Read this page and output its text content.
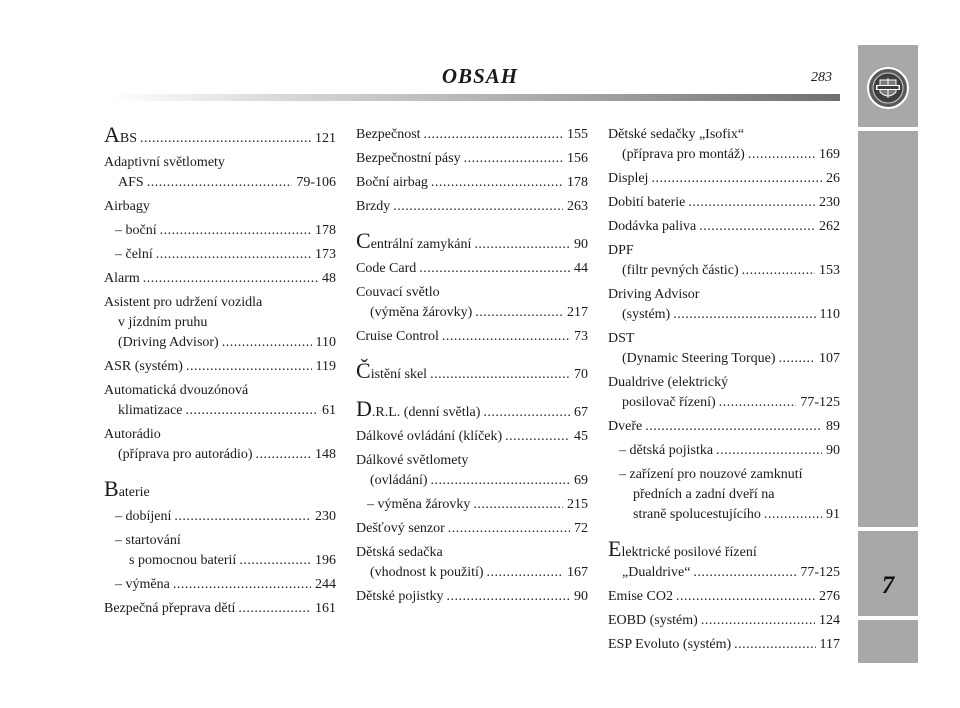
OBSAH	283
7
A BS .....	121
Adaptivní světlomety
AFS .....	79-106
Airbagy
– boční .....	178
– čelní .....	173
Alarm .....	48
Asistent pro udržení vozidla
v jízdním pruhu
(Driving Advisor) .....	110
ASR (systém) .....	119
Automatická dvouzónová
klimatizace .....	61
Autorádio
(příprava pro autorádio) .....	148
B aterie
– dobíjení .....	230
– startování
s pomocnou baterií .....	196
– výměna .....	244
Bezpečná přeprava dětí .....	161
Bezpečnost .....	155
Bezpečnostní pásy .....	156
Boční airbag .....	178
Brzdy .....	263
C entrální zamykání .....	90
Code Card .....	44
Couvací světlo
(výměna žárovky) .....	217
Cruise Control .....	73
Č istění skel .....	70
D .R.L. (denní světla) .....	67
Dálkové ovládání (klíček) .....	45
Dálkové světlomety
(ovládání) .....	69
– výměna žárovky .....	215
Dešťový senzor .....	72
Dětská sedačka
(vhodnost k použití) .....	167
Dětské pojistky .....	90
Dětské sedačky „Isofix“
(příprava pro montáž) .....	169
Displej .....	26
Dobití baterie .....	230
Dodávka paliva .....	262
DPF
(filtr pevných částic) .....	153
Driving Advisor
(systém) .....	110
DST
(Dynamic Steering Torque) .....	107
Dualdrive (elektrický
posilovač řízení) .....	77-125
Dveře .....	89
– dětská pojistka .....	90
– zařízení pro nouzové zamknutí
předních a zadní dveří na
straně spolucestujícího .....	91
E lektrické posilové řízení
„Dualdrive“ .....	77-125
Emise CO2 .....	276
EOBD (systém) .....	124
ESP Evoluto (systém) .....	117
